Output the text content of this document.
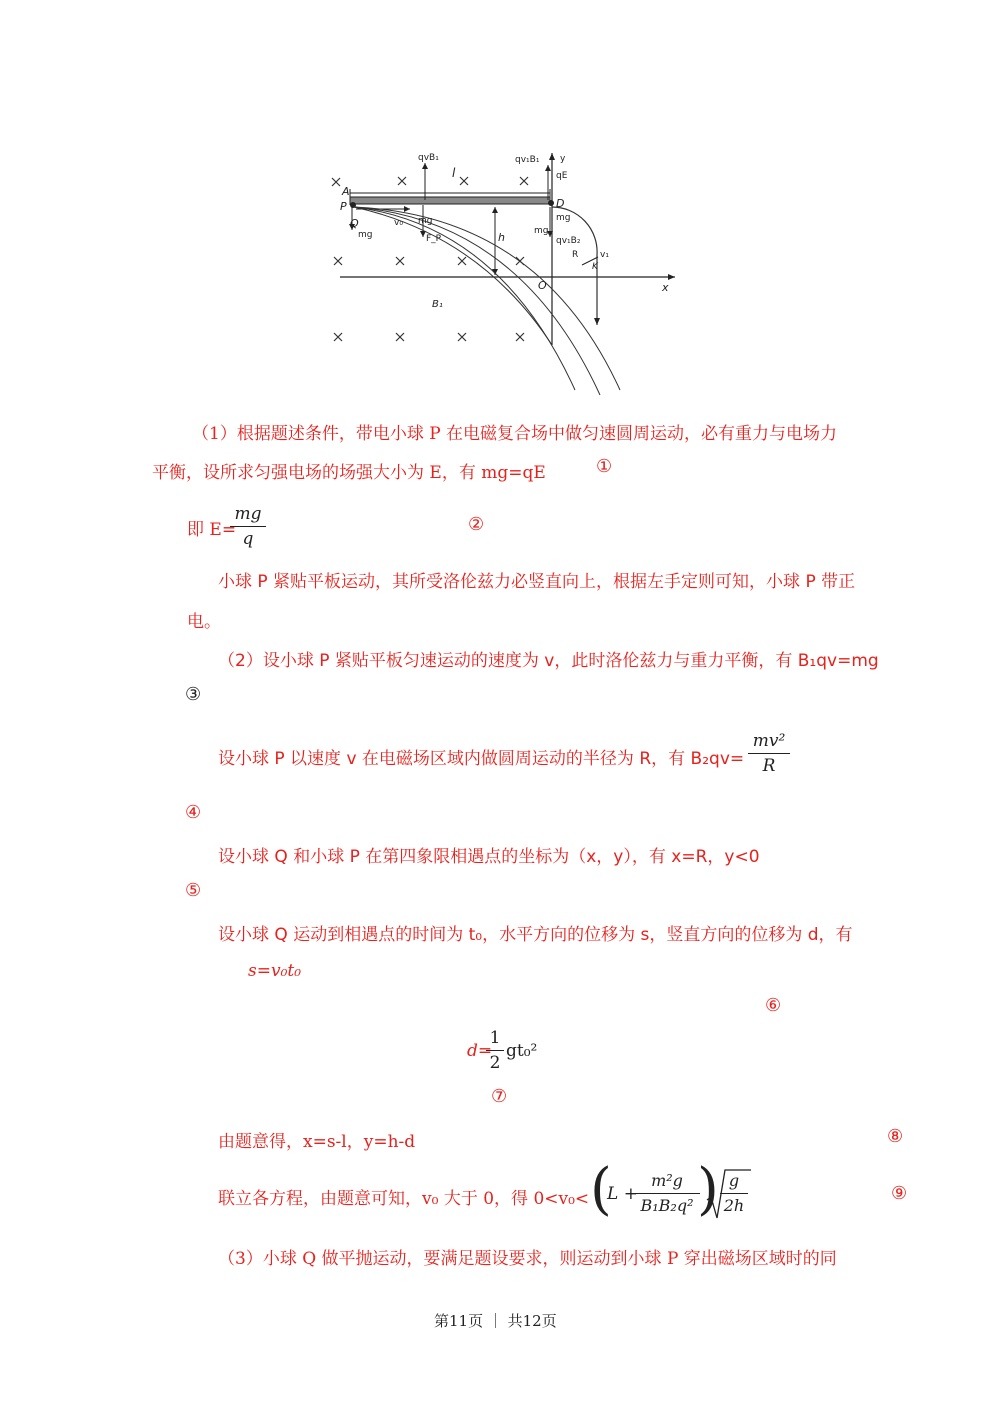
qvB₁	qv₁B₁ y
l	qE
A
P	D
Q
mg
mg
mg
mg
v₀
F_P	h	qv₁B₂
R
K
v₁
O	x
B₁
（1）根据题述条件，带电小球 P 在电磁复合场中做匀速圆周运动，必有重力与电场力
平衡，设所求匀强电场的场强大小为 E，有 mg=qE	①
即 E=
mg
q
②
小球 P 紧贴平板运动，其所受洛伦兹力必竖直向上，根据左手定则可知，小球 P 带正
电。
（2）设小球 P 紧贴平板匀速运动的速度为 v，此时洛伦兹力与重力平衡，有 B₁qv=mg
③
设小球 P 以速度 v 在电磁场区域内做圆周运动的半径为 R，有 B₂qv=
mv²
R
④
设小球 Q 和小球 P 在第四象限相遇点的坐标为（x，y），有 x=R，y<0
⑤
设小球 Q 运动到相遇点的时间为 t₀，水平方向的位移为 s，竖直方向的位移为 d，有
s=v₀t₀
⑥
d=
1
2
gt₀²
⑦
由题意得，x=s-l，y=h-d	⑧
联立各方程，由题意可知，v₀ 大于 0，得 0<v₀< (
L +
m²g
B₁B₂q² ) g
2h
⑨
（3）小球 Q 做平抛运动，要满足题设要求，则运动到小球 P 穿出磁场区域时的同
第11页 ｜ 共12页
